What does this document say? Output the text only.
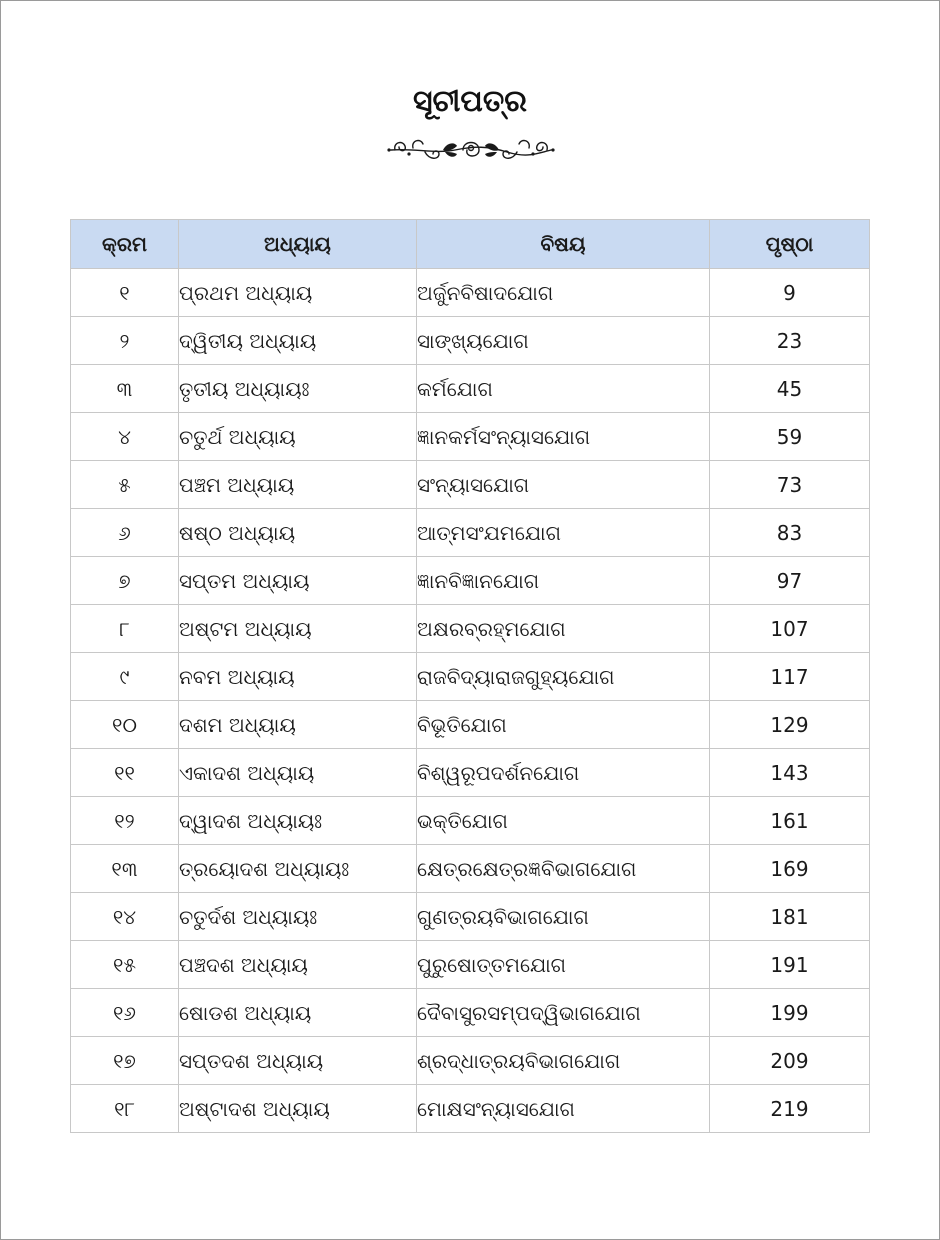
ସୂଚୀପତ୍ର
କ୍ରମ	ଅଧ୍ୟାୟ	ବିଷୟ	ପୃଷ୍ଠା
୧	ପ୍ରଥମ ଅଧ୍ୟାୟ	ଅର୍ଜୁନବିଷାଦଯୋଗ	9
୨	ଦ୍ୱିତୀୟ ଅଧ୍ୟାୟ	ସାଙ୍ଖ୍ୟଯୋଗ	23
୩	ତୃତୀୟ ଅଧ୍ୟାୟଃ	କର୍ମଯୋଗ	45
୪	ଚତୁର୍ଥ ଅଧ୍ୟାୟ	ଜ୍ଞାନକର୍ମସଂନ୍ୟାସଯୋଗ	59
୫	ପଞ୍ଚମ ଅଧ୍ୟାୟ	ସଂନ୍ୟାସଯୋଗ	73
୬	ଷଷ୍ଠ ଅଧ୍ୟାୟ	ଆତ୍ମସଂଯମଯୋଗ	83
୭	ସପ୍ତମ ଅଧ୍ୟାୟ	ଜ୍ଞାନବିଜ୍ଞାନଯୋଗ	97
୮	ଅଷ୍ଟମ ଅଧ୍ୟାୟ	ଅକ୍ଷରବ୍ରହ୍ମଯୋଗ	107
୯	ନବମ ଅଧ୍ୟାୟ	ରାଜବିଦ୍ୟାରାଜଗୁହ୍ୟଯୋଗ	117
୧୦	ଦଶମ ଅଧ୍ୟାୟ	ବିଭୂତିଯୋଗ	129
୧୧	ଏକାଦଶ ଅଧ୍ୟାୟ	ବିଶ୍ୱରୂପଦର୍ଶନଯୋଗ	143
୧୨	ଦ୍ୱାଦଶ ଅଧ୍ୟାୟଃ	ଭକ୍ତିଯୋଗ	161
୧୩	ତ୍ରୟୋଦଶ ଅଧ୍ୟାୟଃ	କ୍ଷେତ୍ରକ୍ଷେତ୍ରଜ୍ଞବିଭାଗଯୋଗ	169
୧୪	ଚତୁର୍ଦଶ ଅଧ୍ୟାୟଃ	ଗୁଣତ୍ରୟବିଭାଗଯୋଗ	181
୧୫	ପଞ୍ଚଦଶ ଅଧ୍ୟାୟ	ପୁରୁଷୋତ୍ତମଯୋଗ	191
୧୬	ଷୋଡଶ ଅଧ୍ୟାୟ	ଦୈବାସୁରସମ୍ପଦ୍ୱିଭାଗଯୋଗ	199
୧୭	ସପ୍ତଦଶ ଅଧ୍ୟାୟ	ଶ୍ରଦ୍ଧାତ୍ରୟବିଭାଗଯୋଗ	209
୧୮	ଅଷ୍ଟାଦଶ ଅଧ୍ୟାୟ	ମୋକ୍ଷସଂନ୍ୟାସଯୋଗ	219
